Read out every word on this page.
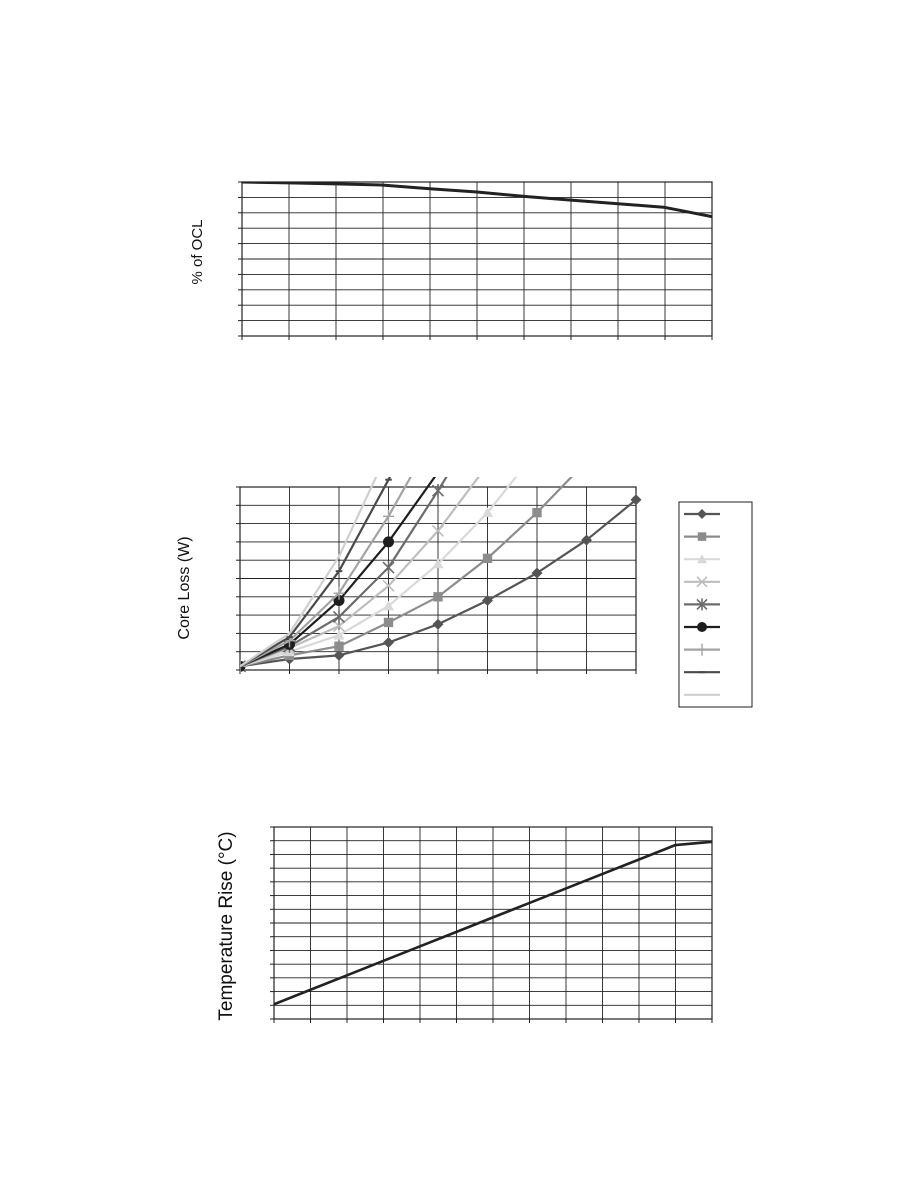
% of OCL
Core Loss (W)
Temperature Rise (°C)
